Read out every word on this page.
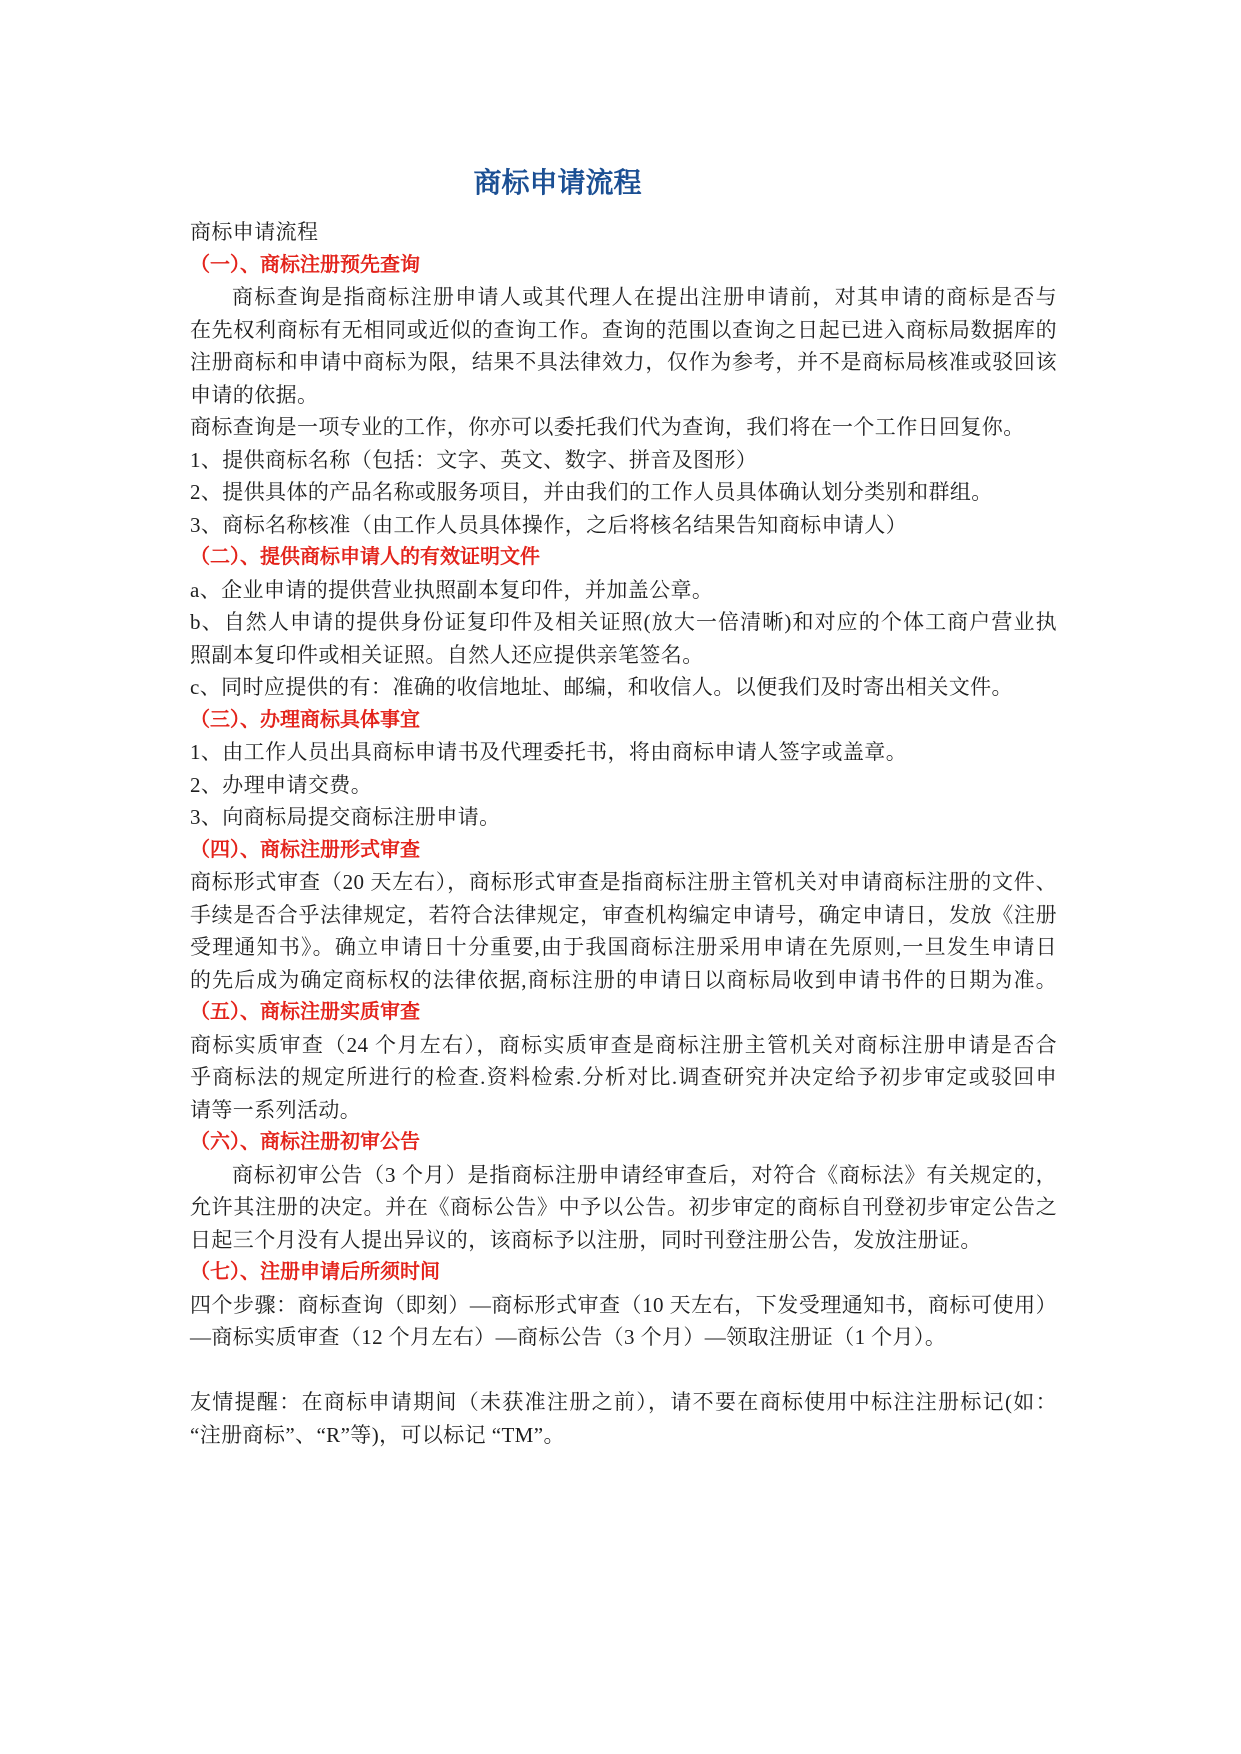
商标申请流程
商标申请流程
（一）、商标注册预先查询
商标查询是指商标注册申请人或其代理人在提出注册申请前，对其申请的商标是否与
在先权利商标有无相同或近似的查询工作。查询的范围以查询之日起已进入商标局数据库的
注册商标和申请中商标为限，结果不具法律效力，仅作为参考，并不是商标局核准或驳回该
申请的依据。
商标查询是一项专业的工作，你亦可以委托我们代为查询，我们将在一个工作日回复你。
1、提供商标名称（包括：文字、英文、数字、拼音及图形）
2、提供具体的产品名称或服务项目，并由我们的工作人员具体确认划分类别和群组。
3、商标名称核准（由工作人员具体操作，之后将核名结果告知商标申请人）
（二）、提供商标申请人的有效证明文件
a、企业申请的提供营业执照副本复印件，并加盖公章。
b、自然人申请的提供身份证复印件及相关证照(放大一倍清晰)和对应的个体工商户营业执
照副本复印件或相关证照。自然人还应提供亲笔签名。
c、同时应提供的有：准确的收信地址、邮编，和收信人。以便我们及时寄出相关文件。
（三）、办理商标具体事宜
1、由工作人员出具商标申请书及代理委托书，将由商标申请人签字或盖章。
2、办理申请交费。
3、向商标局提交商标注册申请。
（四）、商标注册形式审查
商标形式审查（20 天左右），商标形式审查是指商标注册主管机关对申请商标注册的文件、
手续是否合乎法律规定，若符合法律规定，审查机构编定申请号，确定申请日，发放《注册
受理通知书》。确立申请日十分重要,由于我国商标注册采用申请在先原则,一旦发生申请日
的先后成为确定商标权的法律依据,商标注册的申请日以商标局收到申请书件的日期为准。
（五）、商标注册实质审查
商标实质审查（24 个月左右），商标实质审查是商标注册主管机关对商标注册申请是否合
乎商标法的规定所进行的检查.资料检索.分析对比.调查研究并决定给予初步审定或驳回申
请等一系列活动。
（六）、商标注册初审公告
商标初审公告（3 个月）是指商标注册申请经审查后，对符合《商标法》有关规定的，
允许其注册的决定。并在《商标公告》中予以公告。初步审定的商标自刊登初步审定公告之
日起三个月没有人提出异议的，该商标予以注册，同时刊登注册公告，发放注册证。
（七）、注册申请后所须时间
四个步骤：商标查询（即刻）—商标形式审查（10 天左右，下发受理通知书，商标可使用）
—商标实质审查（12 个月左右）—商标公告（3 个月）—领取注册证（1 个月）。
友情提醒：在商标申请期间（未获准注册之前），请不要在商标使用中标注注册标记(如：
“注册商标”、“R”等)，可以标记 “TM”。
